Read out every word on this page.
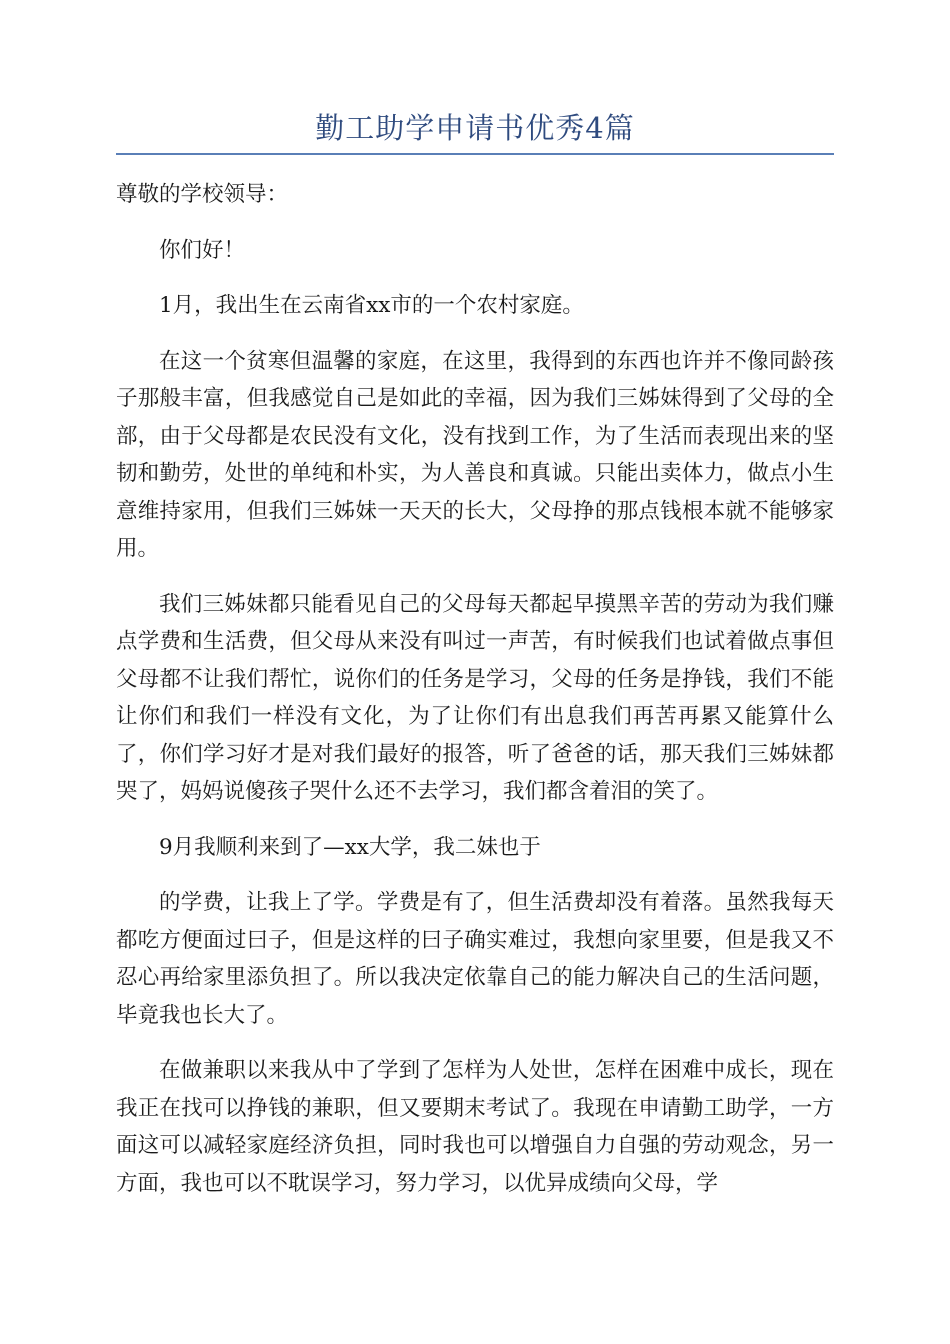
勤工助学申请书优秀4篇

尊敬的学校领导：

你们好！

1月，我出生在云南省xx市的一个农村家庭。

在这一个贫寒但温馨的家庭，在这里，我得到的东西也许并不像同龄孩子那般丰富，但我感觉自己是如此的幸福，因为我们三姊妹得到了父母的全部，由于父母都是农民没有文化，没有找到工作，为了生活而表现出来的坚韧和勤劳，处世的单纯和朴实，为人善良和真诚。只能出卖体力，做点小生意维持家用，但我们三姊妹一天天的长大，父母挣的那点钱根本就不能够家用。

我们三姊妹都只能看见自己的父母每天都起早摸黑辛苦的劳动为我们赚点学费和生活费，但父母从来没有叫过一声苦，有时候我们也试着做点事但父母都不让我们帮忙，说你们的任务是学习，父母的任务是挣钱，我们不能让你们和我们一样没有文化，为了让你们有出息我们再苦再累又能算什么了，你们学习好才是对我们最好的报答，听了爸爸的话，那天我们三姊妹都哭了，妈妈说傻孩子哭什么还不去学习，我们都含着泪的笑了。

9月我顺利来到了—xx大学，我二妹也于

的学费，让我上了学。学费是有了，但生活费却没有着落。虽然我每天都吃方便面过曰子，但是这样的曰子确实难过，我想向家里要，但是我又不忍心再给家里添负担了。所以我决定依靠自己的能力解决自己的生活问题，毕竟我也长大了。

在做兼职以来我从中了学到了怎样为人处世，怎样在困难中成长，现在我正在找可以挣钱的兼职，但又要期末考试了。我现在申请勤工助学，一方面这可以减轻家庭经济负担，同时我也可以增强自力自强的劳动观念，另一方面，我也可以不耽误学习，努力学习，以优异成绩向父母，学
